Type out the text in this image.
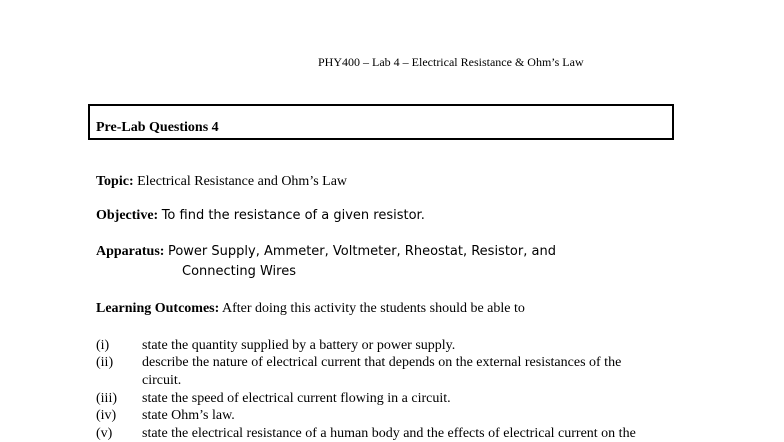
PHY400 – Lab 4 – Electrical Resistance & Ohm’s Law
Pre-Lab Questions 4
Topic: Electrical Resistance and Ohm’s Law
Objective: To find the resistance of a given resistor.
Apparatus: Power Supply, Ammeter, Voltmeter, Rheostat, Resistor, and
Connecting Wires
Learning Outcomes: After doing this activity the students should be able to
(i) state the quantity supplied by a battery or power supply.
(ii) describe the nature of electrical current that depends on the external resistances of the
circuit.
(iii) state the speed of electrical current flowing in a circuit.
(iv) state Ohm’s law.
(v) state the electrical resistance of a human body and the effects of electrical current on the
